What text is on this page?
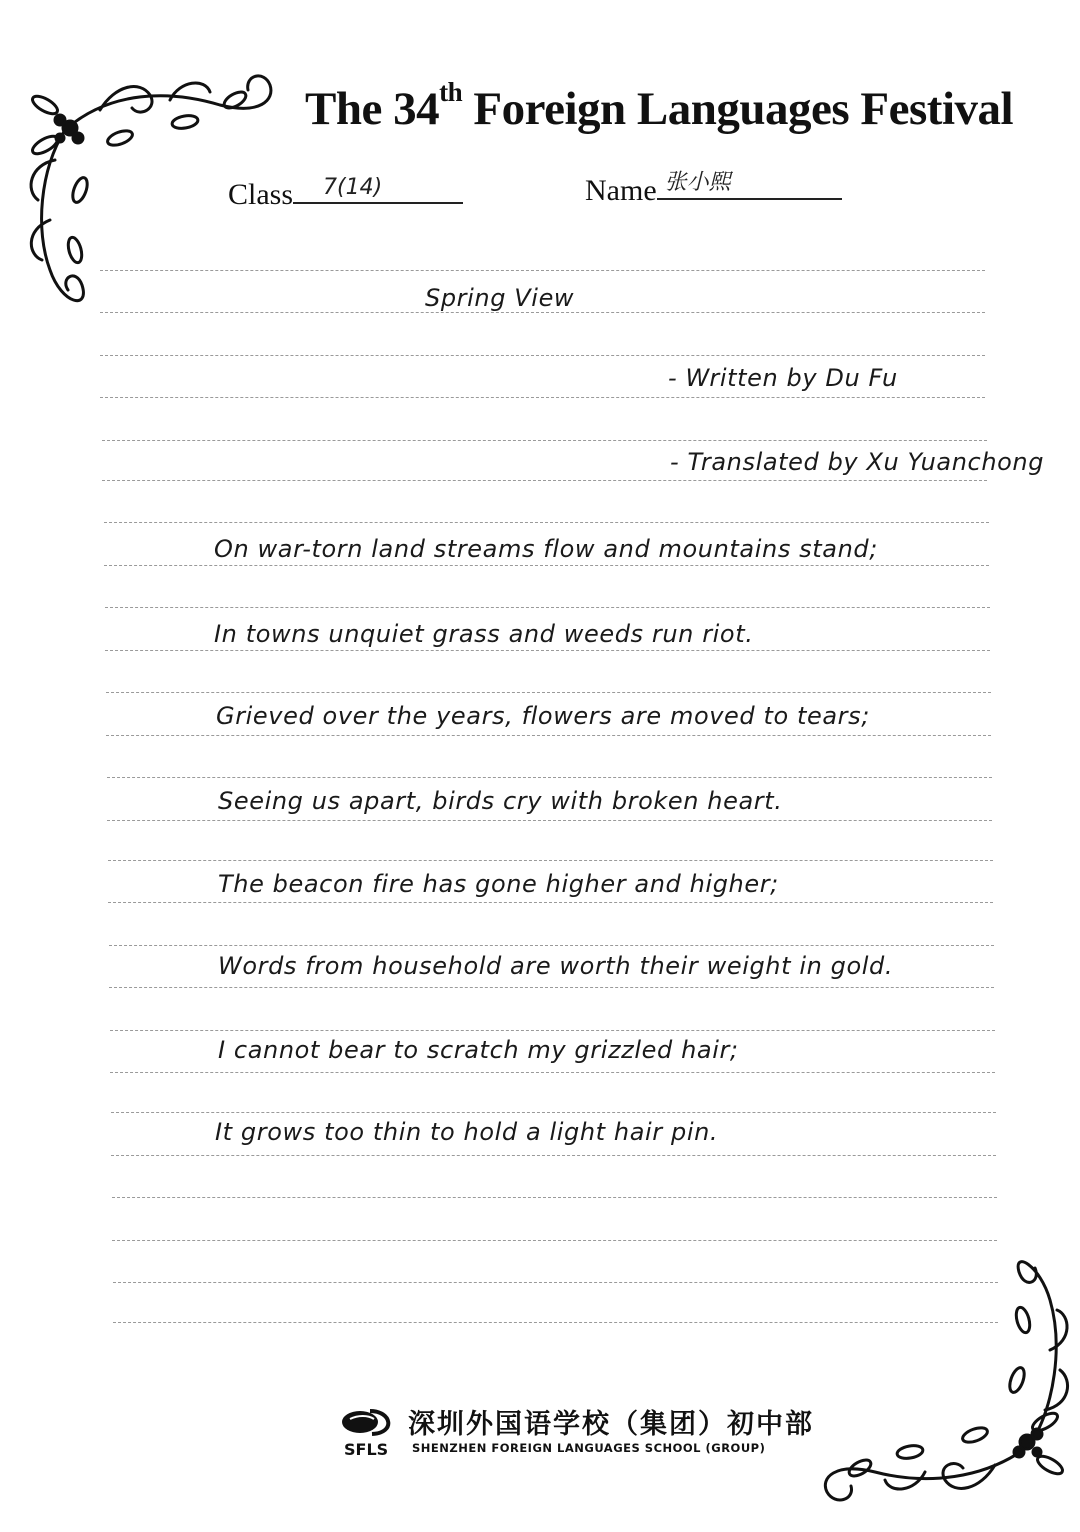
The 34th Foreign Languages Festival
Class 7(14)	Name 张小熙
Spring View
- Written by Du Fu
- Translated by Xu Yuanchong
On war-torn land streams flow and mountains stand;
In towns unquiet grass and weeds run riot.
Grieved over the years, flowers are moved to tears;
Seeing us apart, birds cry with broken heart.
The beacon fire has gone higher and higher;
Words from household are worth their weight in gold.
I cannot bear to scratch my grizzled hair;
It grows too thin to hold a light hair pin.
深圳外国语学校（集团）初中部
SFLS SHENZHEN FOREIGN LANGUAGES SCHOOL (GROUP)
